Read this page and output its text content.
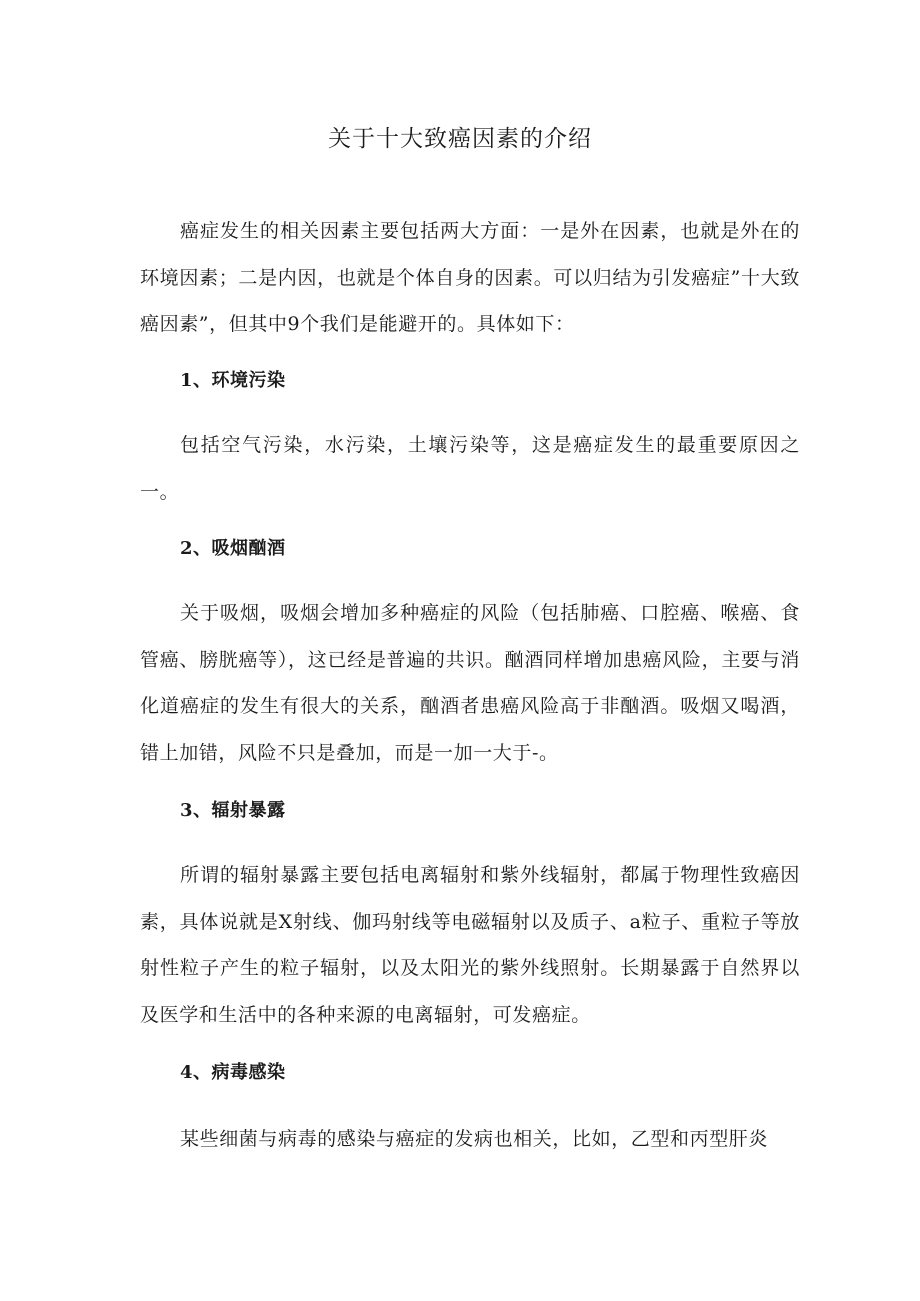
关于十大致癌因素的介绍

癌症发生的相关因素主要包括两大方面：一是外在因素，也就是外在的环境因素；二是内因，也就是个体自身的因素。可以归结为引发癌症”十大致癌因素”，但其中9个我们是能避开的。具体如下：

1、环境污染

包括空气污染，水污染，土壤污染等，这是癌症发生的最重要原因之一。

2、吸烟酗酒

关于吸烟，吸烟会增加多种癌症的风险（包括肺癌、口腔癌、喉癌、食管癌、膀胱癌等），这已经是普遍的共识。酗酒同样增加患癌风险，主要与消化道癌症的发生有很大的关系，酗酒者患癌风险高于非酗酒。吸烟又喝酒，错上加错，风险不只是叠加，而是一加一大于-。

3、辐射暴露

所谓的辐射暴露主要包括电离辐射和紫外线辐射，都属于物理性致癌因素，具体说就是X射线、伽玛射线等电磁辐射以及质子、a粒子、重粒子等放射性粒子产生的粒子辐射，以及太阳光的紫外线照射。长期暴露于自然界以及医学和生活中的各种来源的电离辐射，可发癌症。

4、病毒感染

某些细菌与病毒的感染与癌症的发病也相关，比如，乙型和丙型肝炎
